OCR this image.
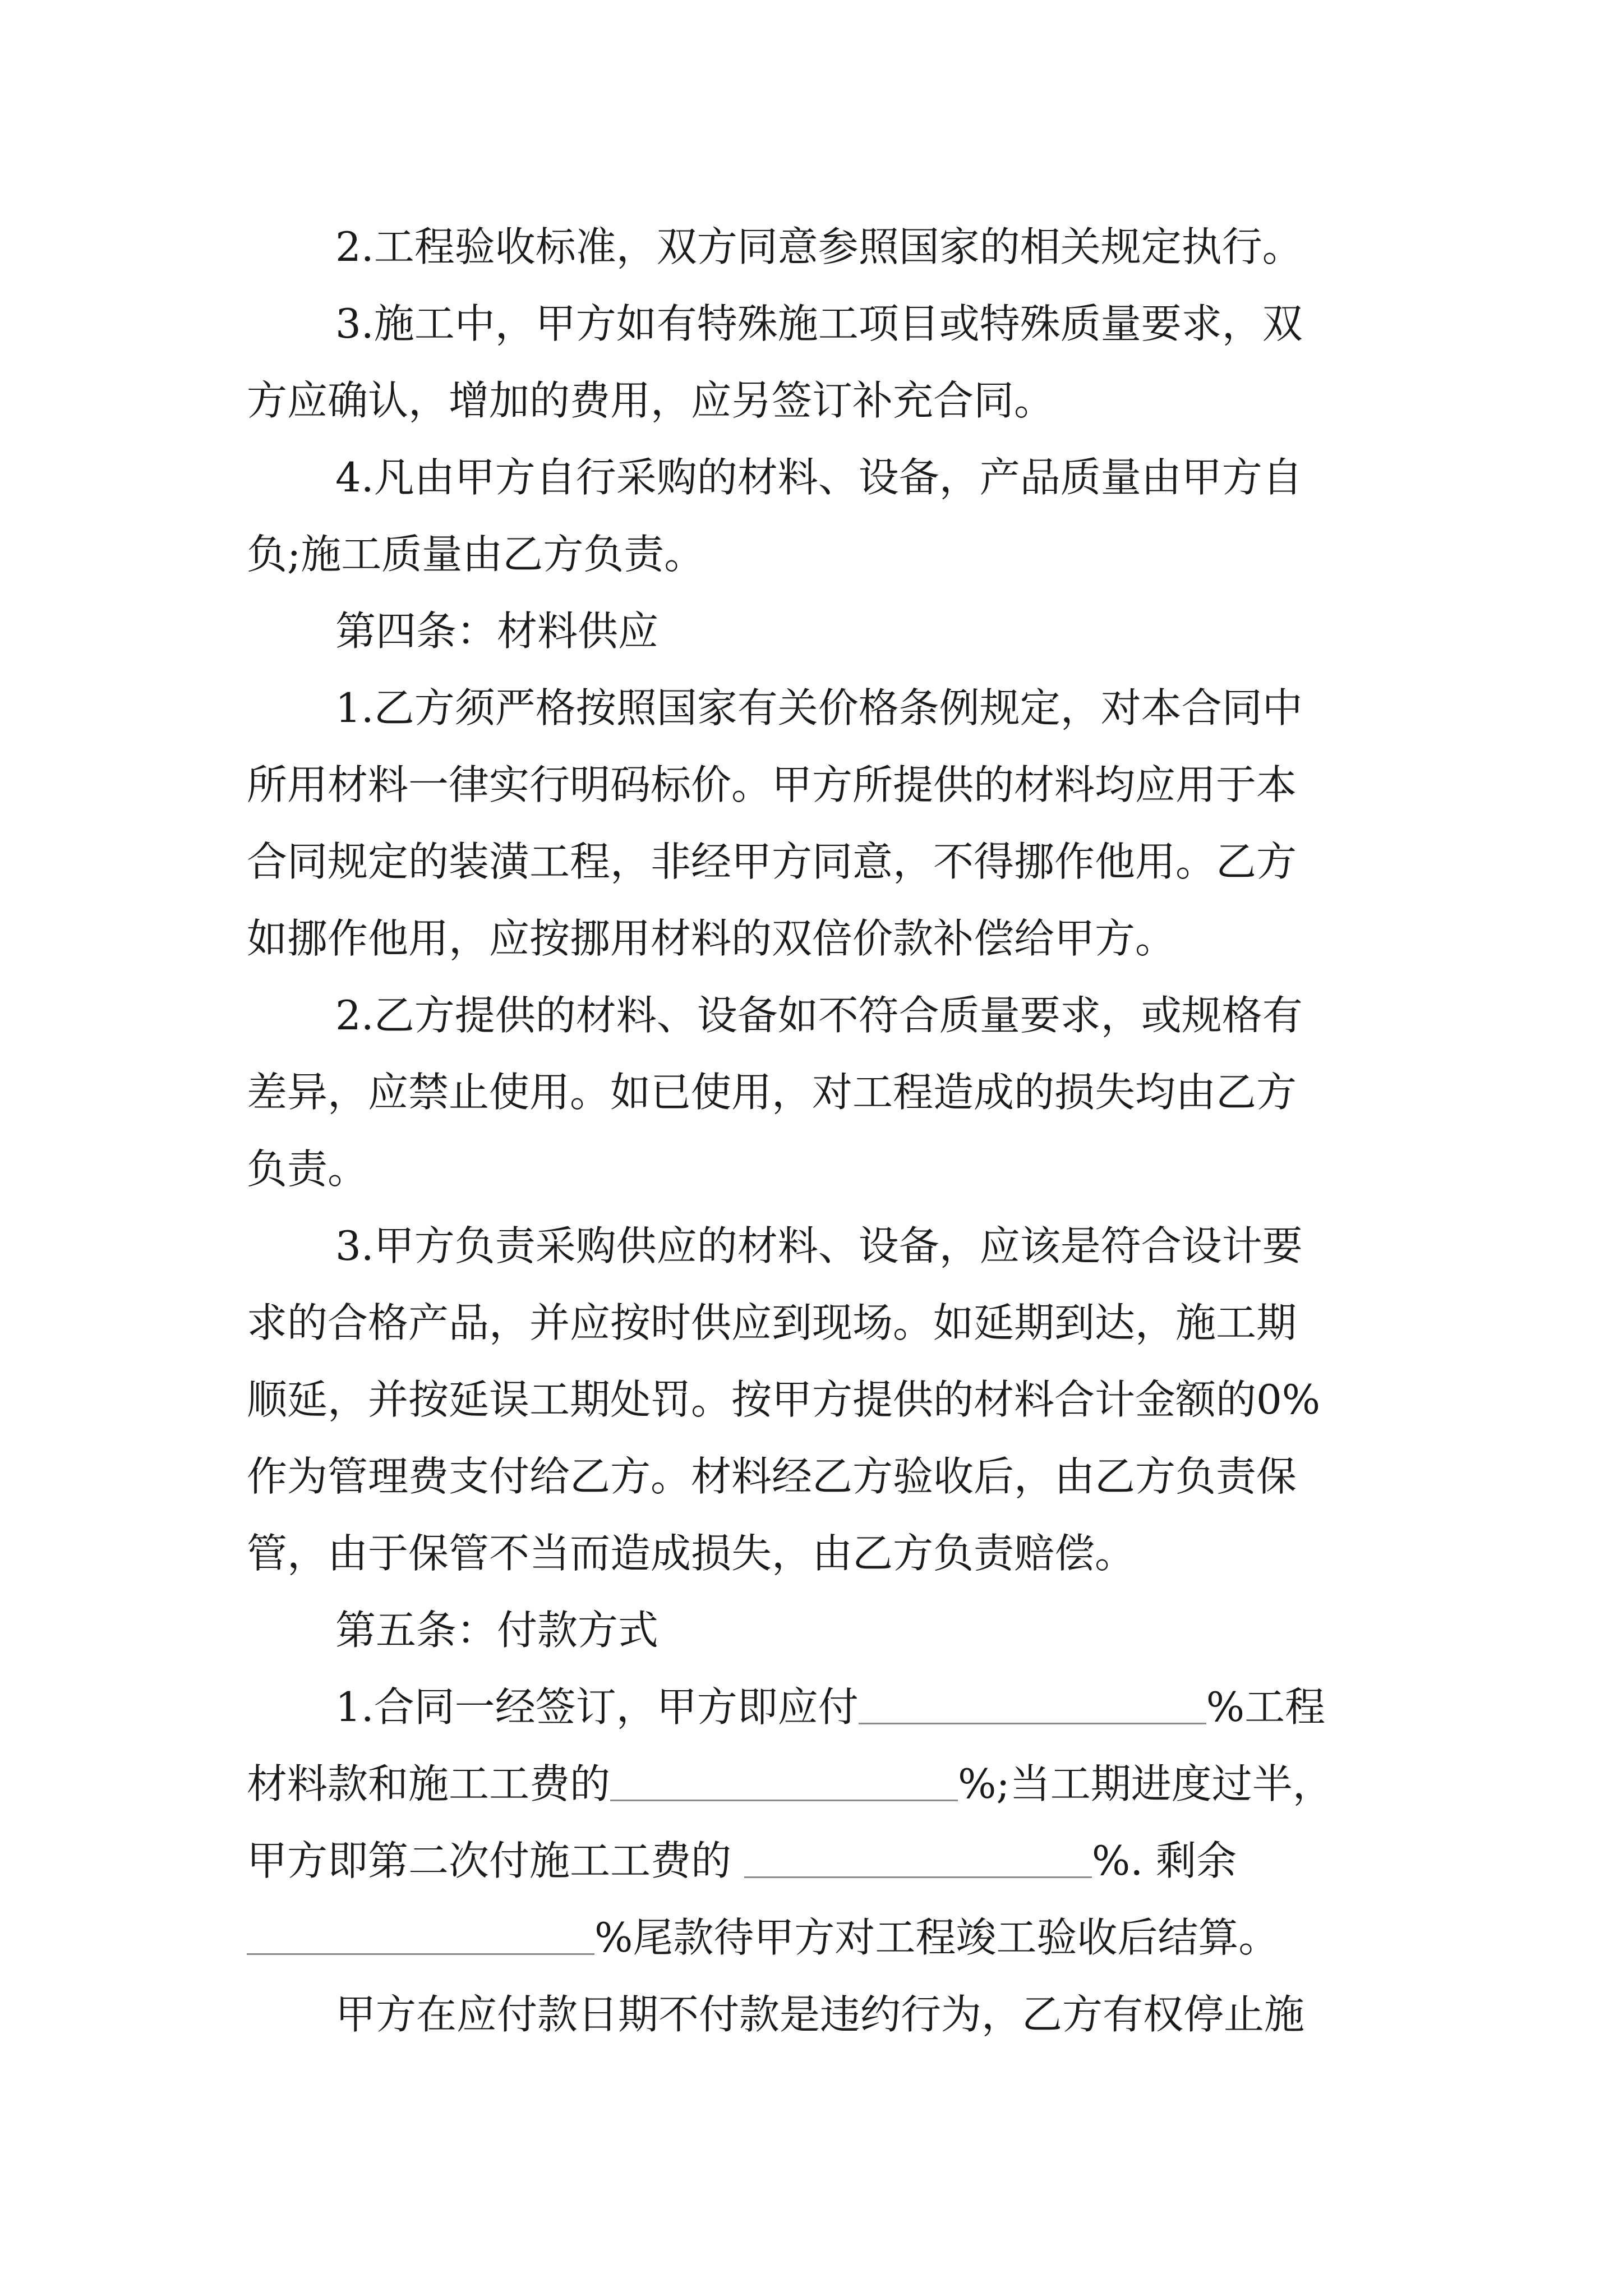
2.工程验收标准，双方同意参照国家的相关规定执行。
3.施工中，甲方如有特殊施工项目或特殊质量要求，双
方应确认，增加的费用，应另签订补充合同。
4.凡由甲方自行采购的材料、设备，产品质量由甲方自
负;施工质量由乙方负责。
第四条：材料供应
1.乙方须严格按照国家有关价格条例规定，对本合同中
所用材料一律实行明码标价。甲方所提供的材料均应用于本
合同规定的装潢工程，非经甲方同意，不得挪作他用。乙方
如挪作他用，应按挪用材料的双倍价款补偿给甲方。
2.乙方提供的材料、设备如不符合质量要求，或规格有
差异，应禁止使用。如已使用，对工程造成的损失均由乙方
负责。
3.甲方负责采购供应的材料、设备，应该是符合设计要
求的合格产品，并应按时供应到现场。如延期到达，施工期
顺延，并按延误工期处罚。按甲方提供的材料合计金额的0%
作为管理费支付给乙方。材料经乙方验收后，由乙方负责保
管，由于保管不当而造成损失，由乙方负责赔偿。
第五条：付款方式
1.合同一经签订，甲方即应付	%工程
材料款和施工工费的	%;当工期进度过半，
甲方即第二次付施工工费的	%. 剩余
%尾款待甲方对工程竣工验收后结算。
甲方在应付款日期不付款是违约行为，乙方有权停止施
